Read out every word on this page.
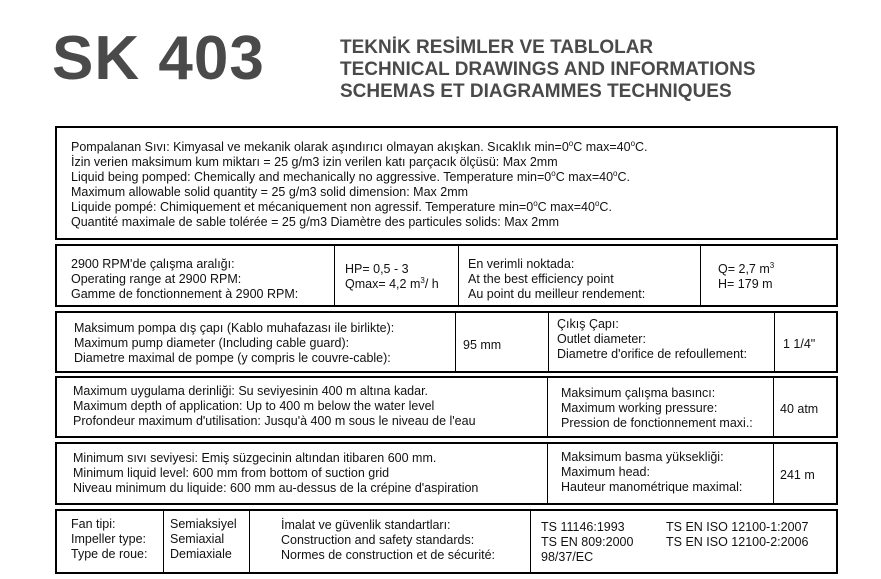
SK 403	TEKNİK RESİMLER VE TABLOLAR
TECHNICAL DRAWINGS AND INFORMATIONS
SCHEMAS ET DIAGRAMMES TECHNIQUES
Pompalanan Sıvı: Kimyasal ve mekanik olarak aşındırıcı olmayan akışkan. Sıcaklık $\min=0^oC$ $\max=40^oC$.
İzin verien maksimum kum miktarı = 25 g/m3 izin verilen katı parçacık ölçüsü: Max 2mm
Liquid being pomped: Chemically and mechanically no aggressive. Temperature $\min=0^oC$ $\max=40^oC$.
Maximum allowable solid quantity = 25 g/m3 solid dimension: Max 2mm
Liquide pompé: Chimiquement et mécaniquement non agressif. Temperature $\min=0^oC$ $\max=40^oC$.
Quantité maximale de sable tolérée = 25 g/m3 Diamètre des particules solids: Max 2mm
2900 RPM'de çalışma aralığı:
Operating range at 2900 RPM:
Gamme de fonctionnement à 2900 RPM:
HP= 0,5 - 3
Qmax= 4,2 $m^3/$ h
En verimli noktada:
At the best efficiency point
Au point du meilleur rendement:
Q= 2,7 $m^3$
H= 179 m
Maksimum pompa dış çapı (Kablo muhafazası ile birlikte):
Maximum pump diameter (Including cable guard):
Diametre maximal de pompe (y compris le couvre-cable):
95 mm
Çıkış Çapı:
Outlet diameter:
Diametre d'orifice de refoullement:
1 1/4"
Maximum uygulama derinliği: Su seviyesinin 400 m altına kadar.
Maximum depth of application: Up to 400 m below the water level
Profondeur maximum d'utilisation: Jusqu'à 400 m sous le niveau de l'eau
Maksimum çalışma basıncı:
Maximum working pressure:
Pression de fonctionnement maxi.:
40 atm
Minimum sıvı seviyesi: Emiş süzgecinin altından itibaren 600 mm.
Minimum liquid level: 600 mm from bottom of suction grid
Niveau minimum du liquide: 600 mm au-dessus de la crépine d'aspiration
Maksimum basma yüksekliği:
Maximum head:
Hauteur manométrique maximal:
241 m
Fan tipi:
Impeller type:
Type de roue:
Semiaksiyel
Semiaxial
Demiaxiale
İmalat ve güvenlik standartları:
Construction and safety standards:
Normes de construction et de sécurité:
TS 11146:1993
TS EN 809:2000
98/37/EC
TS EN ISO 12100-1:2007
TS EN ISO 12100-2:2006
